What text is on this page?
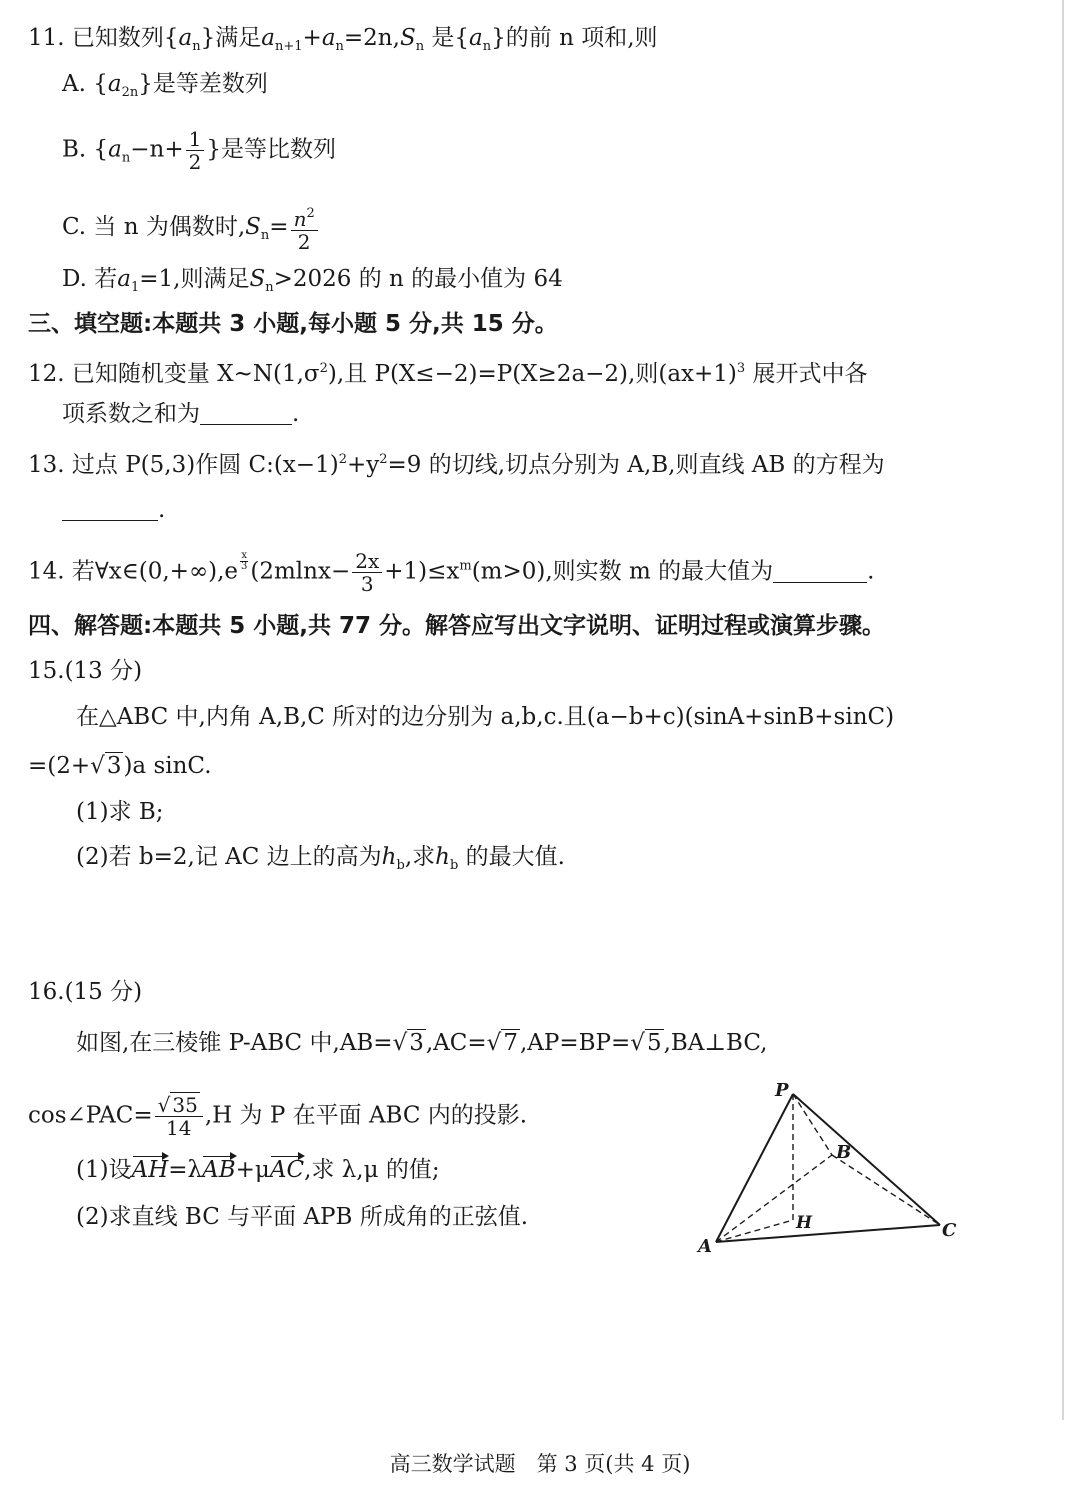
11. 已知数列$\{a_n\}$满足$a_{n+1}+a_n=2n,S_n$ 是$\{a_n\}$的前 n 项和,则
A. $\{a_{2n}\}$是等差数列
B. {$a_n-n+ \frac{1}{2}$ }是等比数列
C. 当 n 为偶数时$,S_n= \frac{n^2}{2}$
D. 若$a_1=1$,则满足$S_n>2026$ 的 n 的最小值为 64
三、填空题:本题共 3 小题,每小题 5 分,共 15 分。
12. 已知随机变量 $X\sim N(1,\sigma^2)$,且 P(X≤−2)=P(X≥2a−2),则$(ax+1)^3$ 展开式中各
项系数之和为	.
13. 过点 P(5,3)作圆 $C:(x-1)^2+y^2=9$ 的切线,切点分别为 A,B,则直线 AB 的方程为
.
14. 若∀x∈(0,+∞),e $\frac{x}{3} (2mlnx- \frac{2x}{3} +1)\le x^m(m>0)$,则实数 m 的最大值为	.
四、解答题:本题共 5 小题,共 77 分。解答应写出文字说明、证明过程或演算步骤。
15.(13 分)
在△ABC 中,内角 A,B,C 所对的边分别为 a,b,c.且(a−b+c)(sinA+sinB+sinC)
=(2+√3)a sinC.
(1)求 B;
(2)若 b=2,记 AC 边上的高为$h_b$,求$h_b$ 的最大值.
16.(15 分)
如图,在三棱锥 P-ABC 中,AB=√3,AC=√7,AP=BP=√5,BA⊥BC,
cos∠PAC= $\frac{√ 35}{14} ,H$ 为 P 在平面 ABC 内的投影.
(1)设AH=λAB+μAC,求 λ,μ 的值;
(2)求直线 BC 与平面 APB 所成角的正弦值.
P
B
H
A
C
高三数学试题　第 3 页(共 4 页)
